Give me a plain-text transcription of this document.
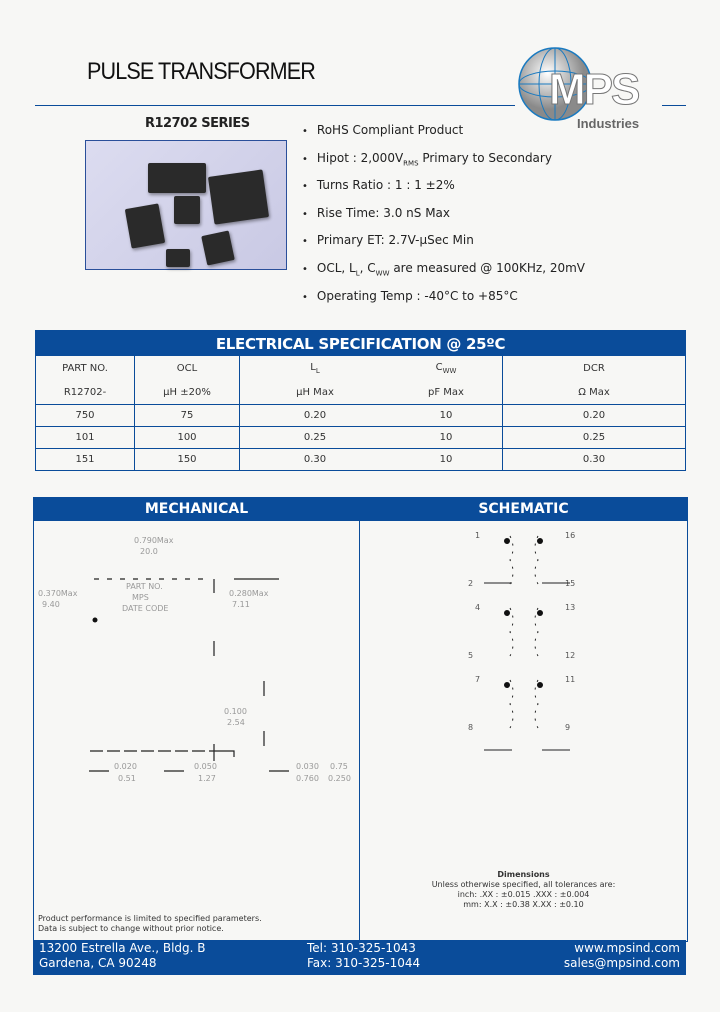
PULSE TRANSFORMER	MPS
Industries
R12702 SERIES	• RoHS Compliant Product
• Hipot : $2,000V_{RMS}$ Primary to Secondary
• Turns Ratio : 1 : 1 ±2%
• Rise Time: 3.0 nS Max
• Primary ET: 2.7V-µSec Min
• OCL, $L_L$, $C_{WW}$ are measured @ 100KHz, 20mV
• Operating Temp : -40°C to +85°C
ELECTRICAL SPECIFICATION @ 25ºC				
PART NO.	OCL	$L_L$	$C_{WW}$	DCR
R12702-	µH ±20%	µH Max	pF Max	Ω Max
750	75	0.20	10	0.20
101	100	0.25	10	0.25
151	150	0.30	10	0.30
MECHANICAL
0.790Max
20.0
0.370Max
9.40
0.280Max
7.11
PART NO.
MPS
DATE CODE
0.100
2.54
0.020
0.51
0.050
1.27
0.030
0.760
0.75
0.250
Product performance is limited to specified parameters.
Data is subject to change without prior notice.
SCHEMATIC
1
2
16
15
4
5
13
12
7
8
11
9
Dimensions
Unless otherwise specified, all tolerances are:
inch: .XX : ±0.015 .XXX : ±0.004
mm: X.X : ±0.38 X.XX : ±0.10
13200 Estrella Ave., Bldg. B
Gardena, CA 90248
Tel: 310-325-1043
Fax: 310-325-1044
www.mpsind.com
sales@mpsind.com
